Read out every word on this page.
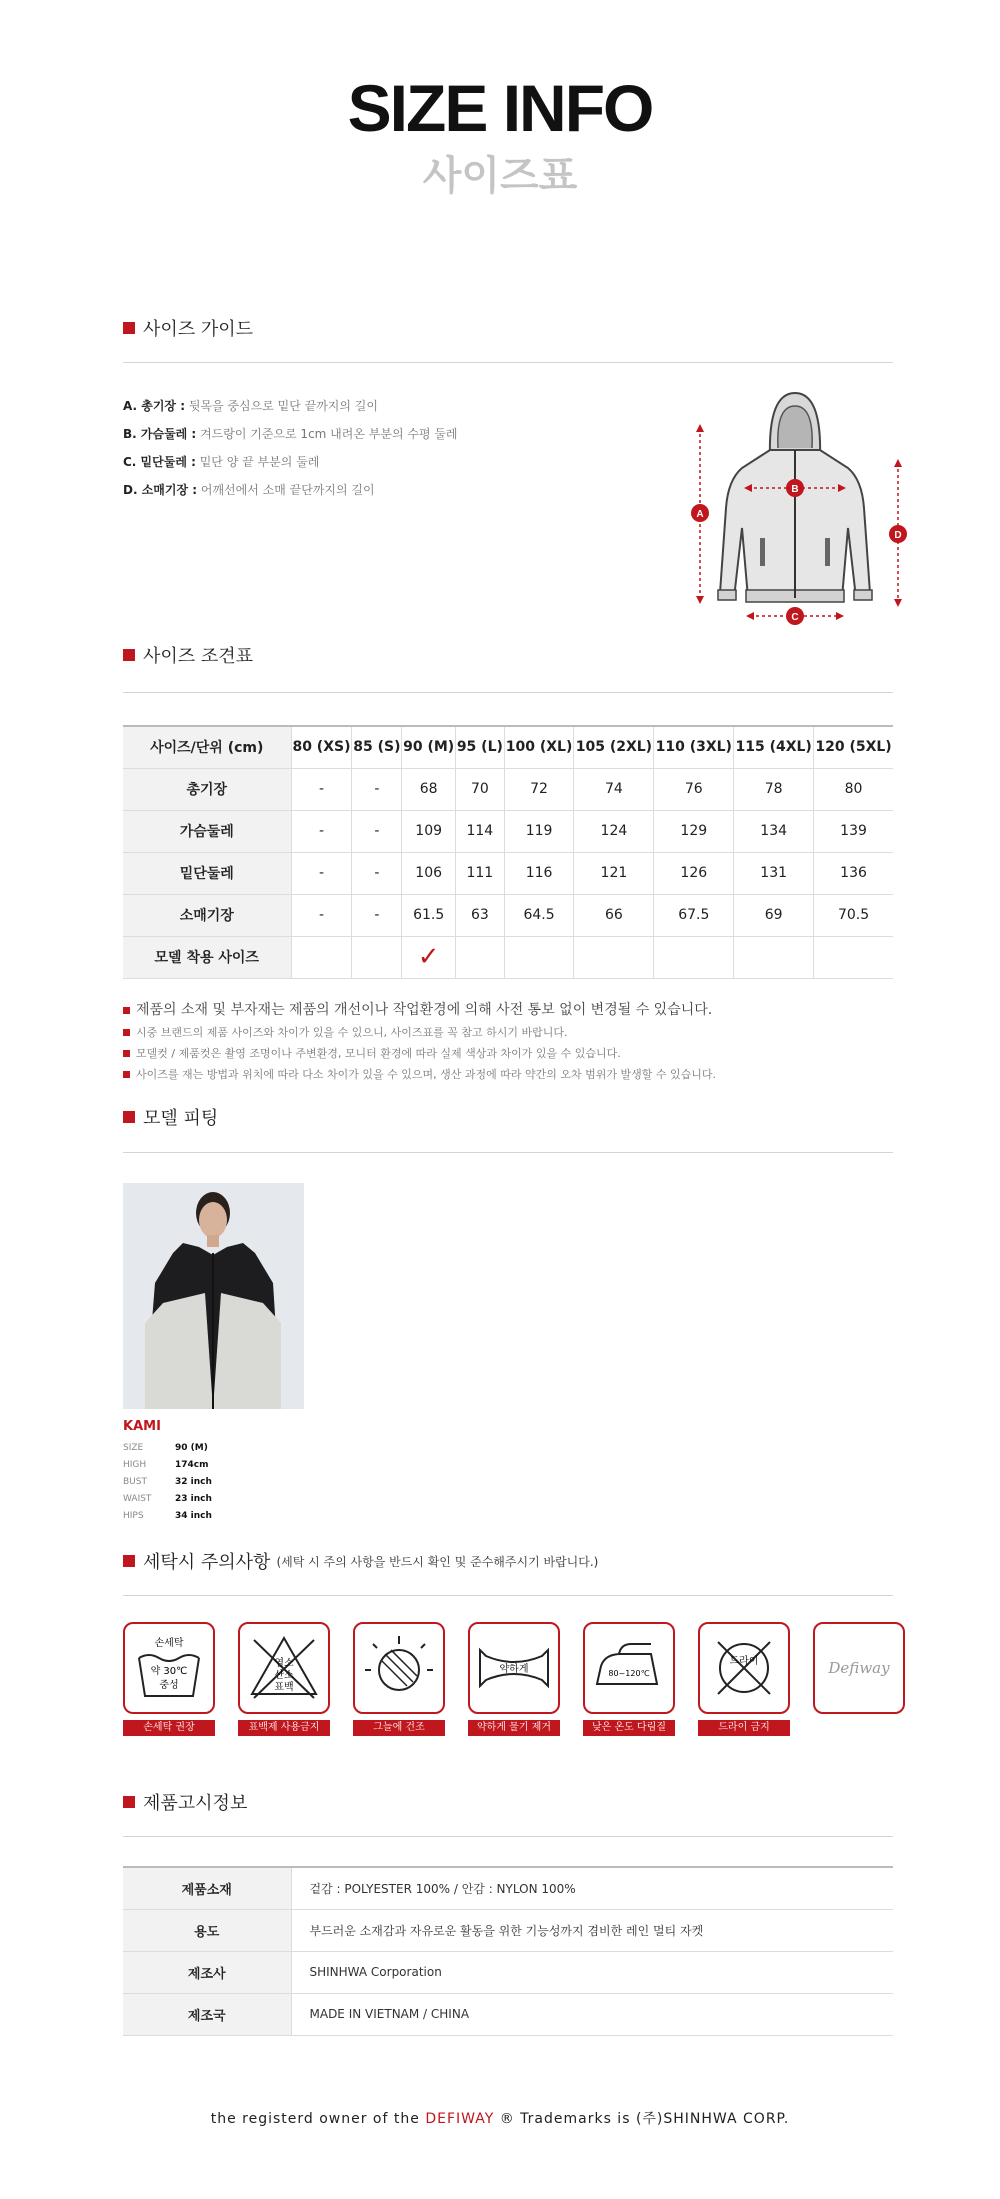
SIZE INFO
사이즈표
사이즈 가이드
A. 총기장 : 뒷목을 중심으로 밑단 끝까지의 길이
B. 가슴둘레 : 겨드랑이 기준으로 1cm 내려온 부분의 수평 둘레
C. 밑단둘레 : 밑단 양 끝 부분의 둘레
D. 소매기장 : 어깨선에서 소매 끝단까지의 길이
A
B
C
D
사이즈 조견표
사이즈/단위 (cm)	80 (XS)	85 (S)	90 (M)	95 (L)	100 (XL)	105 (2XL)	110 (3XL)	115 (4XL)	120 (5XL)
총기장	-	-	68	70	72	74	76	78	80
가슴둘레	-	-	109	114	119	124	129	134	139
밑단둘레	-	-	106	111	116	121	126	131	136
소매기장	-	-	61.5	63	64.5	66	67.5	69	70.5
모델 착용 사이즈			✓						
제품의 소재 및 부자재는 제품의 개선이나 작업환경에 의해 사전 통보 없이 변경될 수 있습니다.
시중 브랜드의 제품 사이즈와 차이가 있을 수 있으니, 사이즈표를 꼭 참고 하시기 바랍니다.
모델컷 / 제품컷은 촬영 조명이나 주변환경, 모니터 환경에 따라 실제 색상과 차이가 있을 수 있습니다.
사이즈를 재는 방법과 위치에 따라 다소 차이가 있을 수 있으며, 생산 과정에 따라 약간의 오차 범위가 발생할 수 있습니다.
모델 피팅
KAMI
SIZE	90 (M)
HIGH	174cm
BUST	32 inch
WAIST	23 inch
HIPS	34 inch
세탁시 주의사항 (세탁 시 주의 사항을 반드시 확인 및 준수해주시기 바랍니다.)
손세탁
약 30℃
중성
손세탁 권장
염소
산소
표백
표백제 사용금지	그늘에 건조
약하게
약하게 물기 제거
80~120℃
낮은 온도 다림질
드라이
드라이 금지
Defiway
제품고시정보
제품소재	겉감 : POLYESTER 100% / 안감 : NYLON 100%
용도	부드러운 소재감과 자유로운 활동을 위한 기능성까지 겸비한 레인 멀티 자켓
제조사	SHINHWA Corporation
제조국	MADE IN VIETNAM / CHINA
the registerd owner of the DEFIWAY ® Trademarks is (주)SHINHWA CORP.
